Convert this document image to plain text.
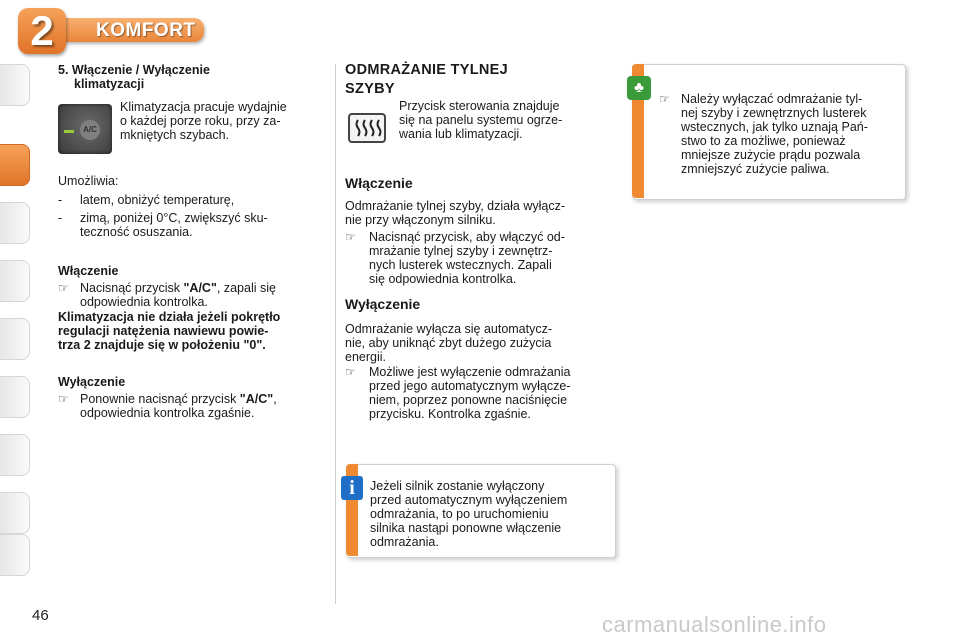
2	KOMFORT
5. Włączenie / Wyłączenie
klimatyzacji
A/C
Klimatyzacja pracuje wydajnie
o każdej porze roku, przy za-
mkniętych szybach.
Umożliwia:
- latem, obniżyć temperaturę,
- zimą, poniżej 0°C, zwiększyć sku-
teczność osuszania.
Włączenie
☞ Nacisnąć przycisk "A/C", zapali się
odpowiednia kontrolka.
Klimatyzacja nie działa jeżeli pokrętło
regulacji natężenia nawiewu powie-
trza 2 znajduje się w położeniu "0".
Wyłączenie
☞ Ponownie nacisnąć przycisk "A/C",
odpowiednia kontrolka zgaśnie.
ODMRAŻANIE TYLNEJ
SZYBY
Przycisk sterowania znajduje
się na panelu systemu ogrze-
wania lub klimatyzacji.
Włączenie
Odmrażanie tylnej szyby, działa wyłącz-
nie przy włączonym silniku.
☞ Nacisnąć przycisk, aby włączyć od-
mrażanie tylnej szyby i zewnętrz-
nych lusterek wstecznych. Zapali
się odpowiednia kontrolka.
Wyłączenie
Odmrażanie wyłącza się automatycz-
nie, aby uniknąć zbyt dużego zużycia
energii.
☞ Możliwe jest wyłączenie odmrażania
przed jego automatycznym wyłącze-
niem, poprzez ponowne naciśnięcie
przycisku. Kontrolka zgaśnie.
i	Jeżeli silnik zostanie wyłączony
przed automatycznym wyłączeniem
odmrażania, to po uruchomieniu
silnika nastąpi ponowne włączenie
odmrażania.
♣
☞ Należy wyłączać odmrażanie tyl-
nej szyby i zewnętrznych lusterek
wstecznych, jak tylko uznają Pań-
stwo to za możliwe, ponieważ
mniejsze zużycie prądu pozwala
zmniejszyć zużycie paliwa.
46	carmanualsonline.info
